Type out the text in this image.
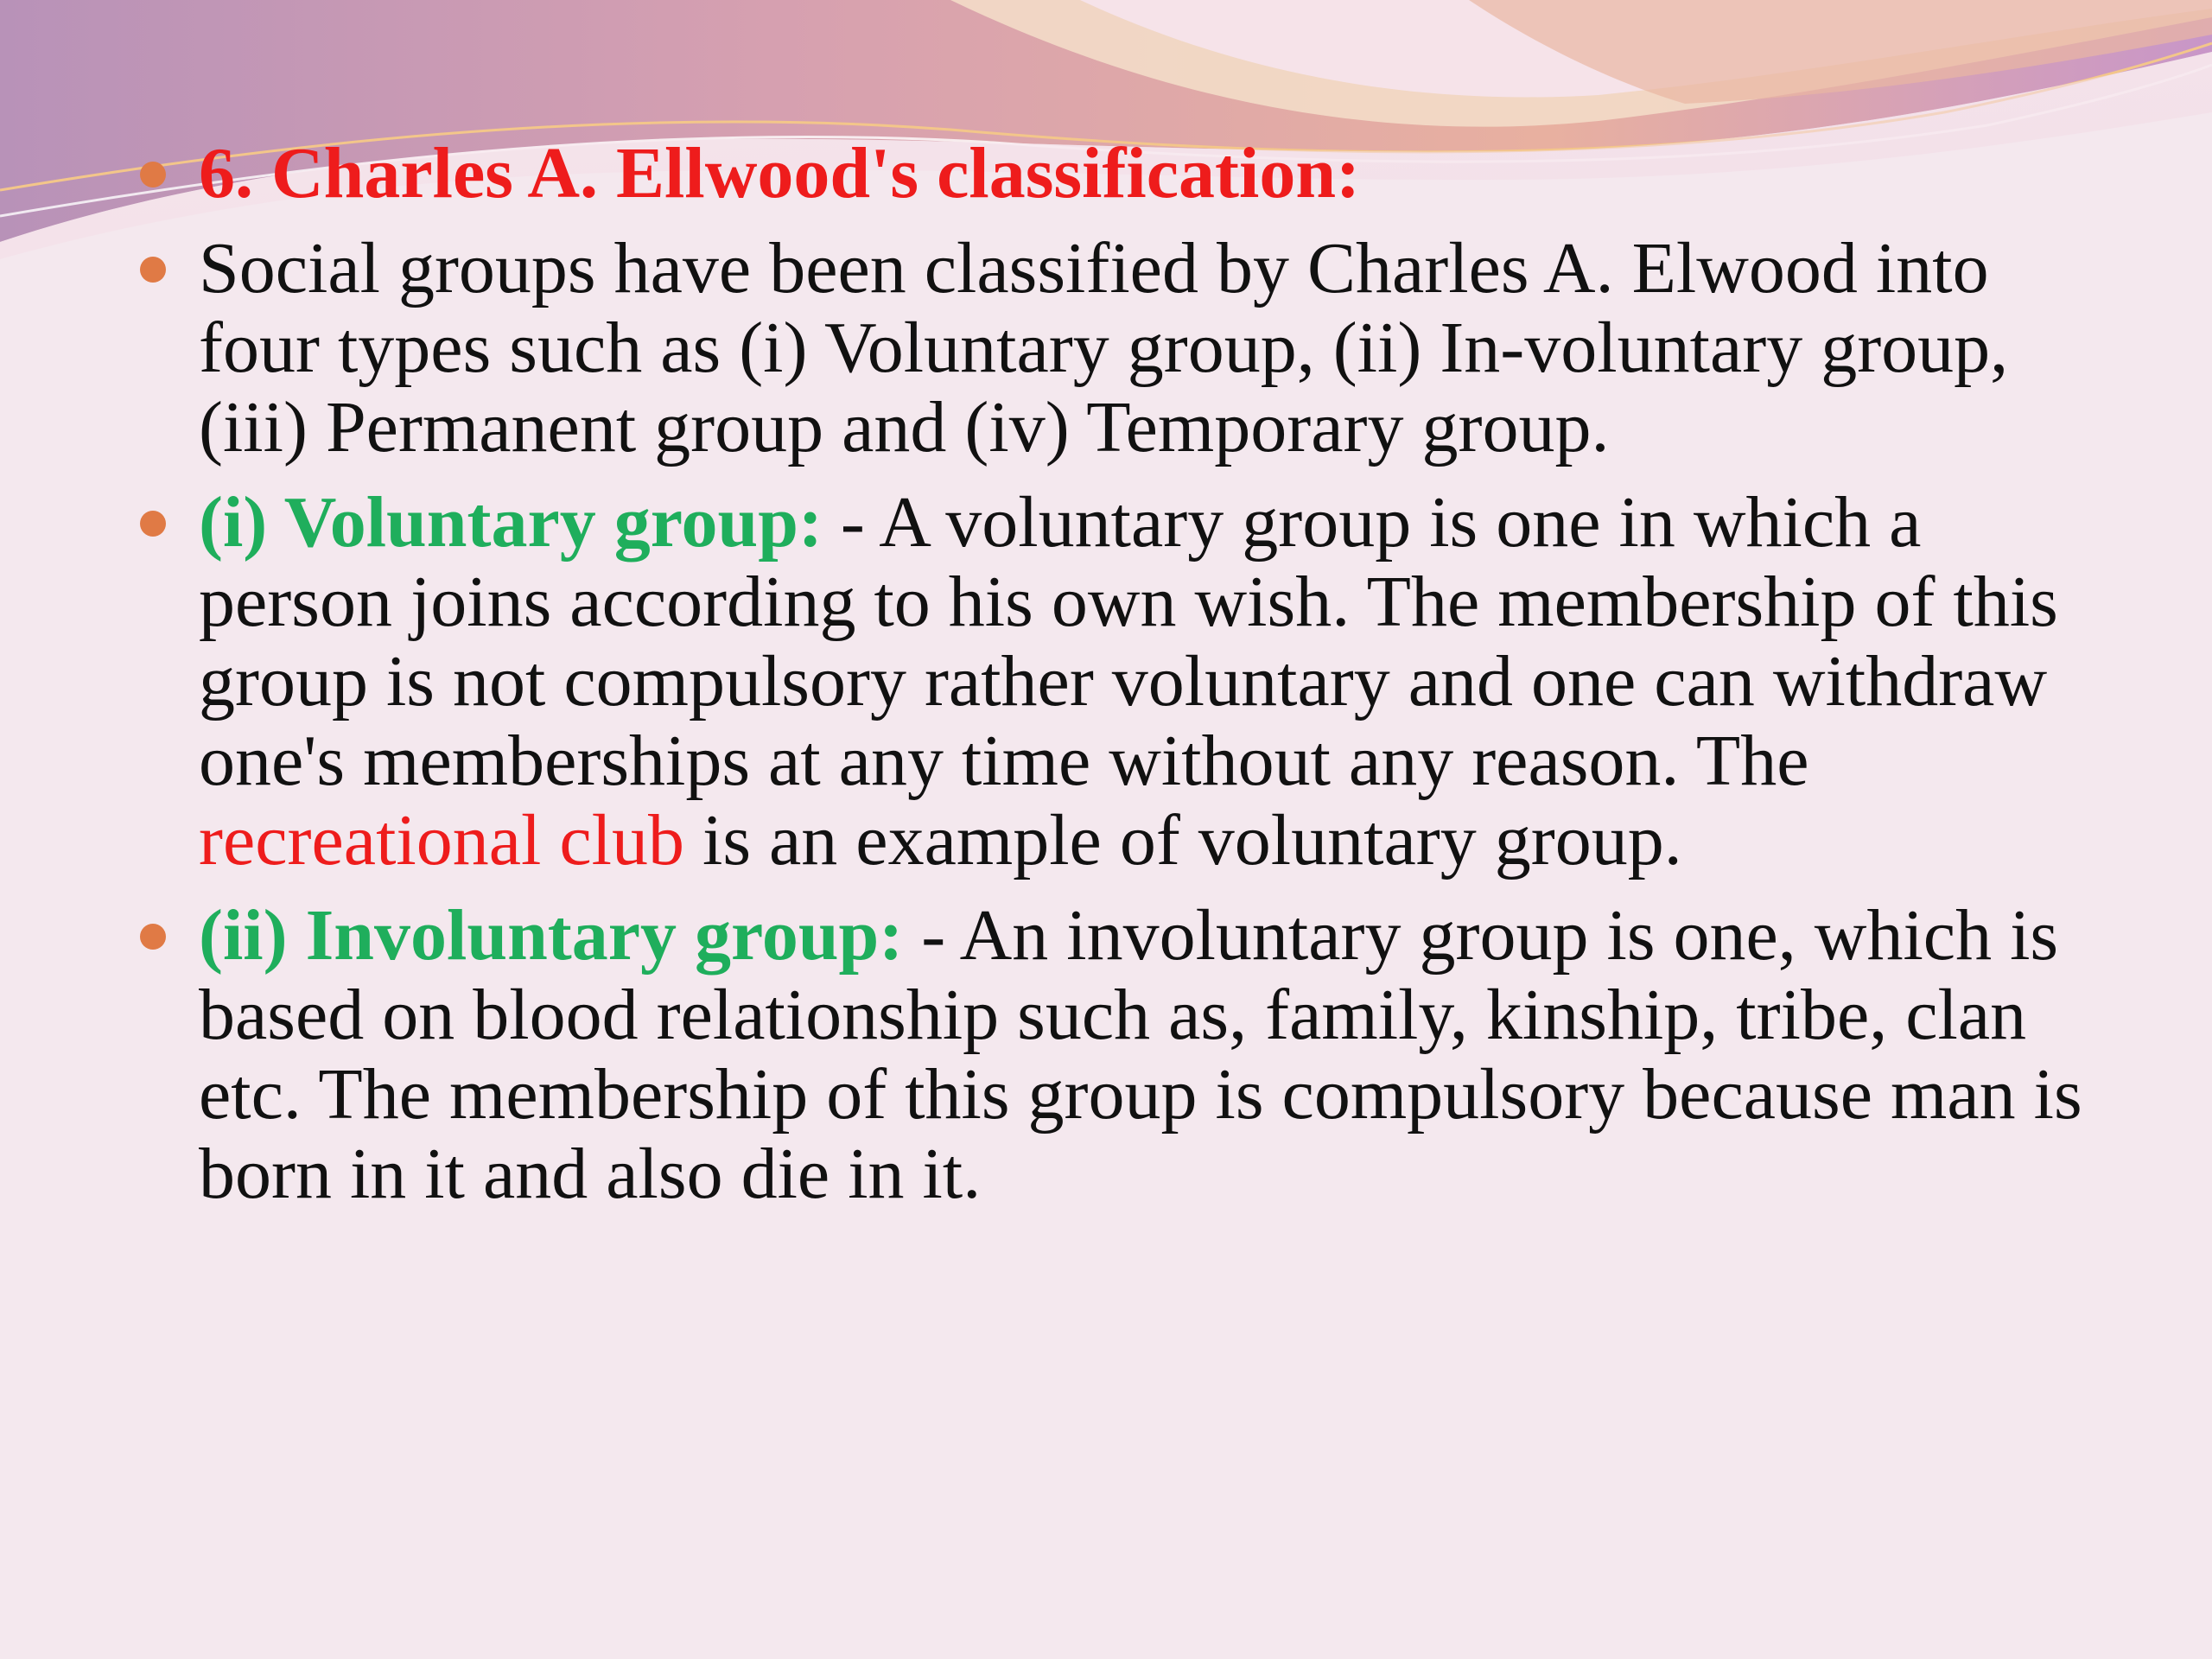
6. Charles A. Ellwood's classification:
Social groups have been classified by Charles A. Elwood into four types such as (i) Voluntary group, (ii) In-voluntary group, (iii) Permanent group and (iv) Temporary group.
(i) Voluntary group: - A voluntary group is one in which a person joins according to his own wish. The membership of this group is not compulsory rather voluntary and one can withdraw one's memberships at any time without any reason. The recreational club is an example of voluntary group.
(ii) Involuntary group: - An involuntary group is one, which is based on blood relationship such as, family, kinship, tribe, clan etc. The membership of this group is compulsory because man is born in it and also die in it.
